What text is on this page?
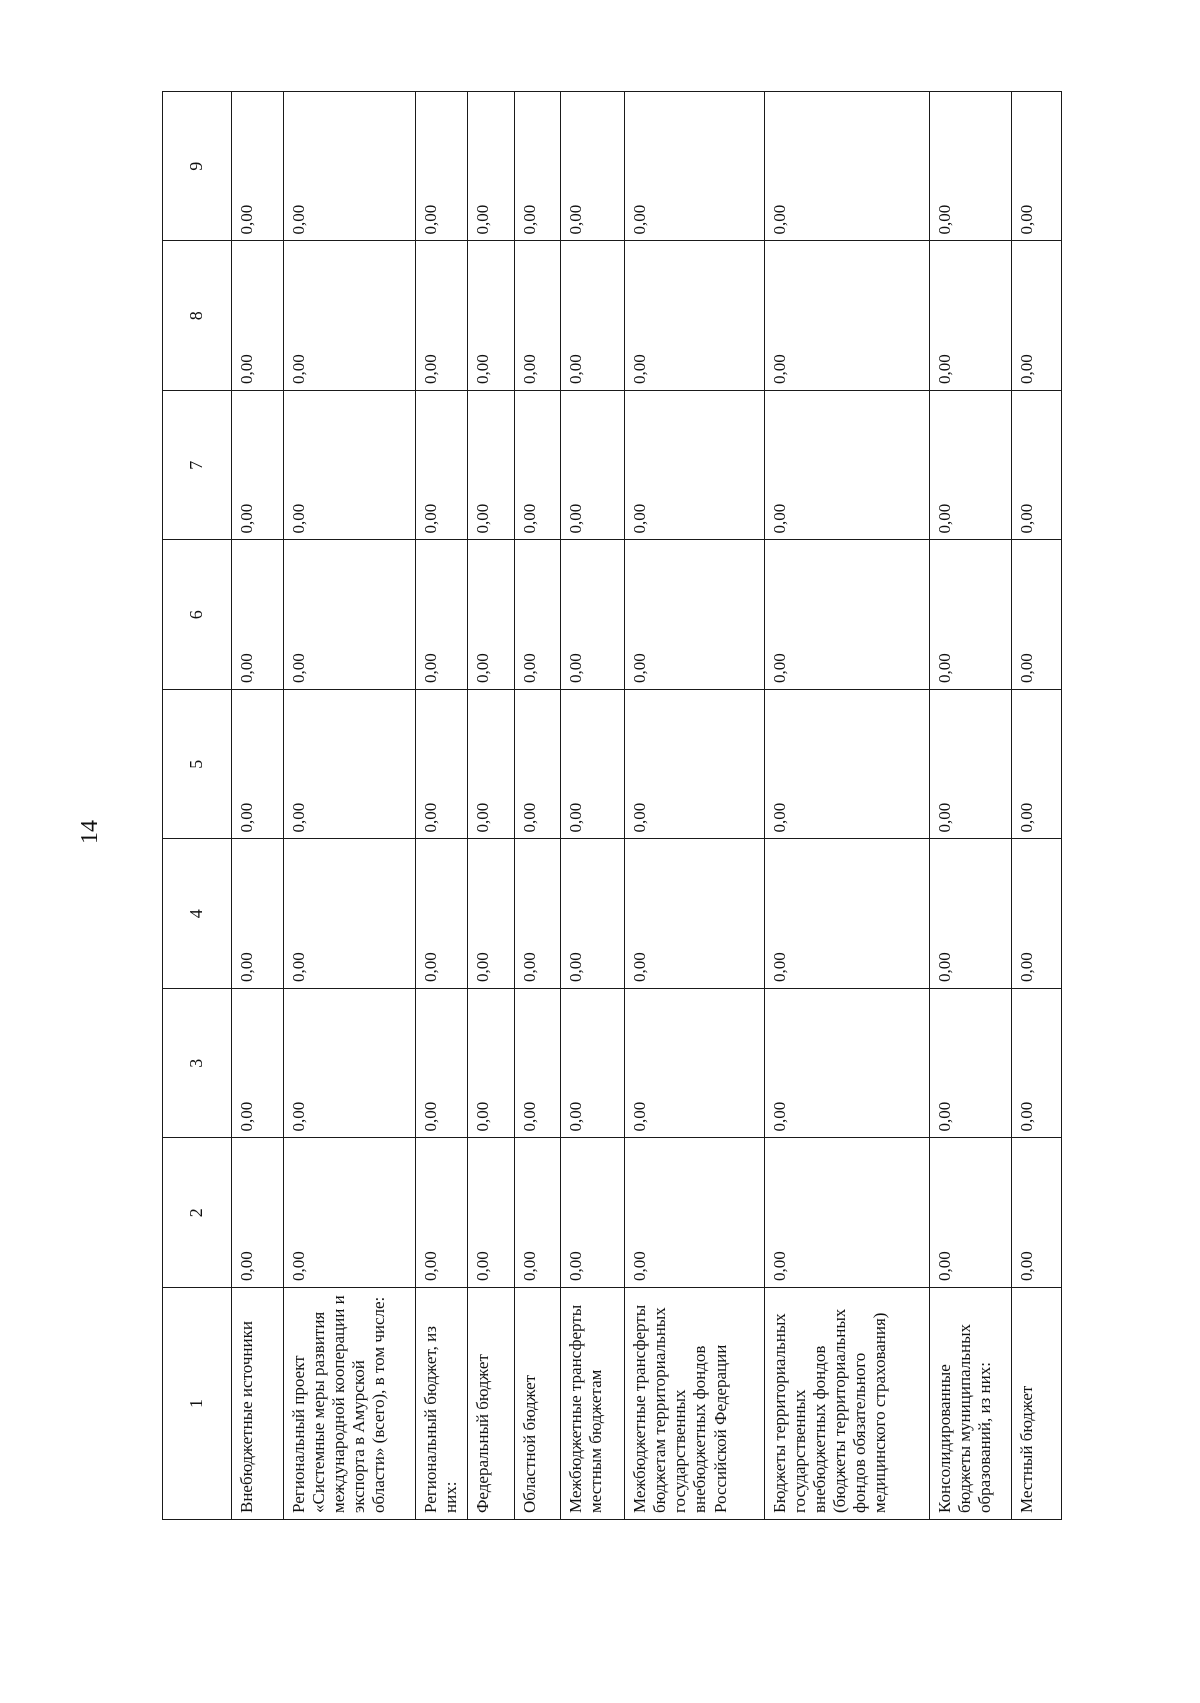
14
1	2	3	4	5	6	7	8	9
Внебюджетные источники	0,00	0,00	0,00	0,00	0,00	0,00	0,00	0,00
Региональный проект «Системные меры развития международной кооперации и экспорта в Амурской области» (всего), в том числе:	0,00	0,00	0,00	0,00	0,00	0,00	0,00	0,00
Региональный бюджет, из них:	0,00	0,00	0,00	0,00	0,00	0,00	0,00	0,00
Федеральный бюджет	0,00	0,00	0,00	0,00	0,00	0,00	0,00	0,00
Областной бюджет	0,00	0,00	0,00	0,00	0,00	0,00	0,00	0,00
Межбюджетные трансферты местным бюджетам	0,00	0,00	0,00	0,00	0,00	0,00	0,00	0,00
Межбюджетные трансферты бюджетам территориальных государственных внебюджетных фондов Российской Федерации	0,00	0,00	0,00	0,00	0,00	0,00	0,00	0,00
Бюджеты территориальных государственных внебюджетных фондов (бюджеты территориальных фондов обязательного медицинского страхования)	0,00	0,00	0,00	0,00	0,00	0,00	0,00	0,00
Консолидированные бюджеты муниципальных образований, из них:	0,00	0,00	0,00	0,00	0,00	0,00	0,00	0,00
Местный бюджет	0,00	0,00	0,00	0,00	0,00	0,00	0,00	0,00
